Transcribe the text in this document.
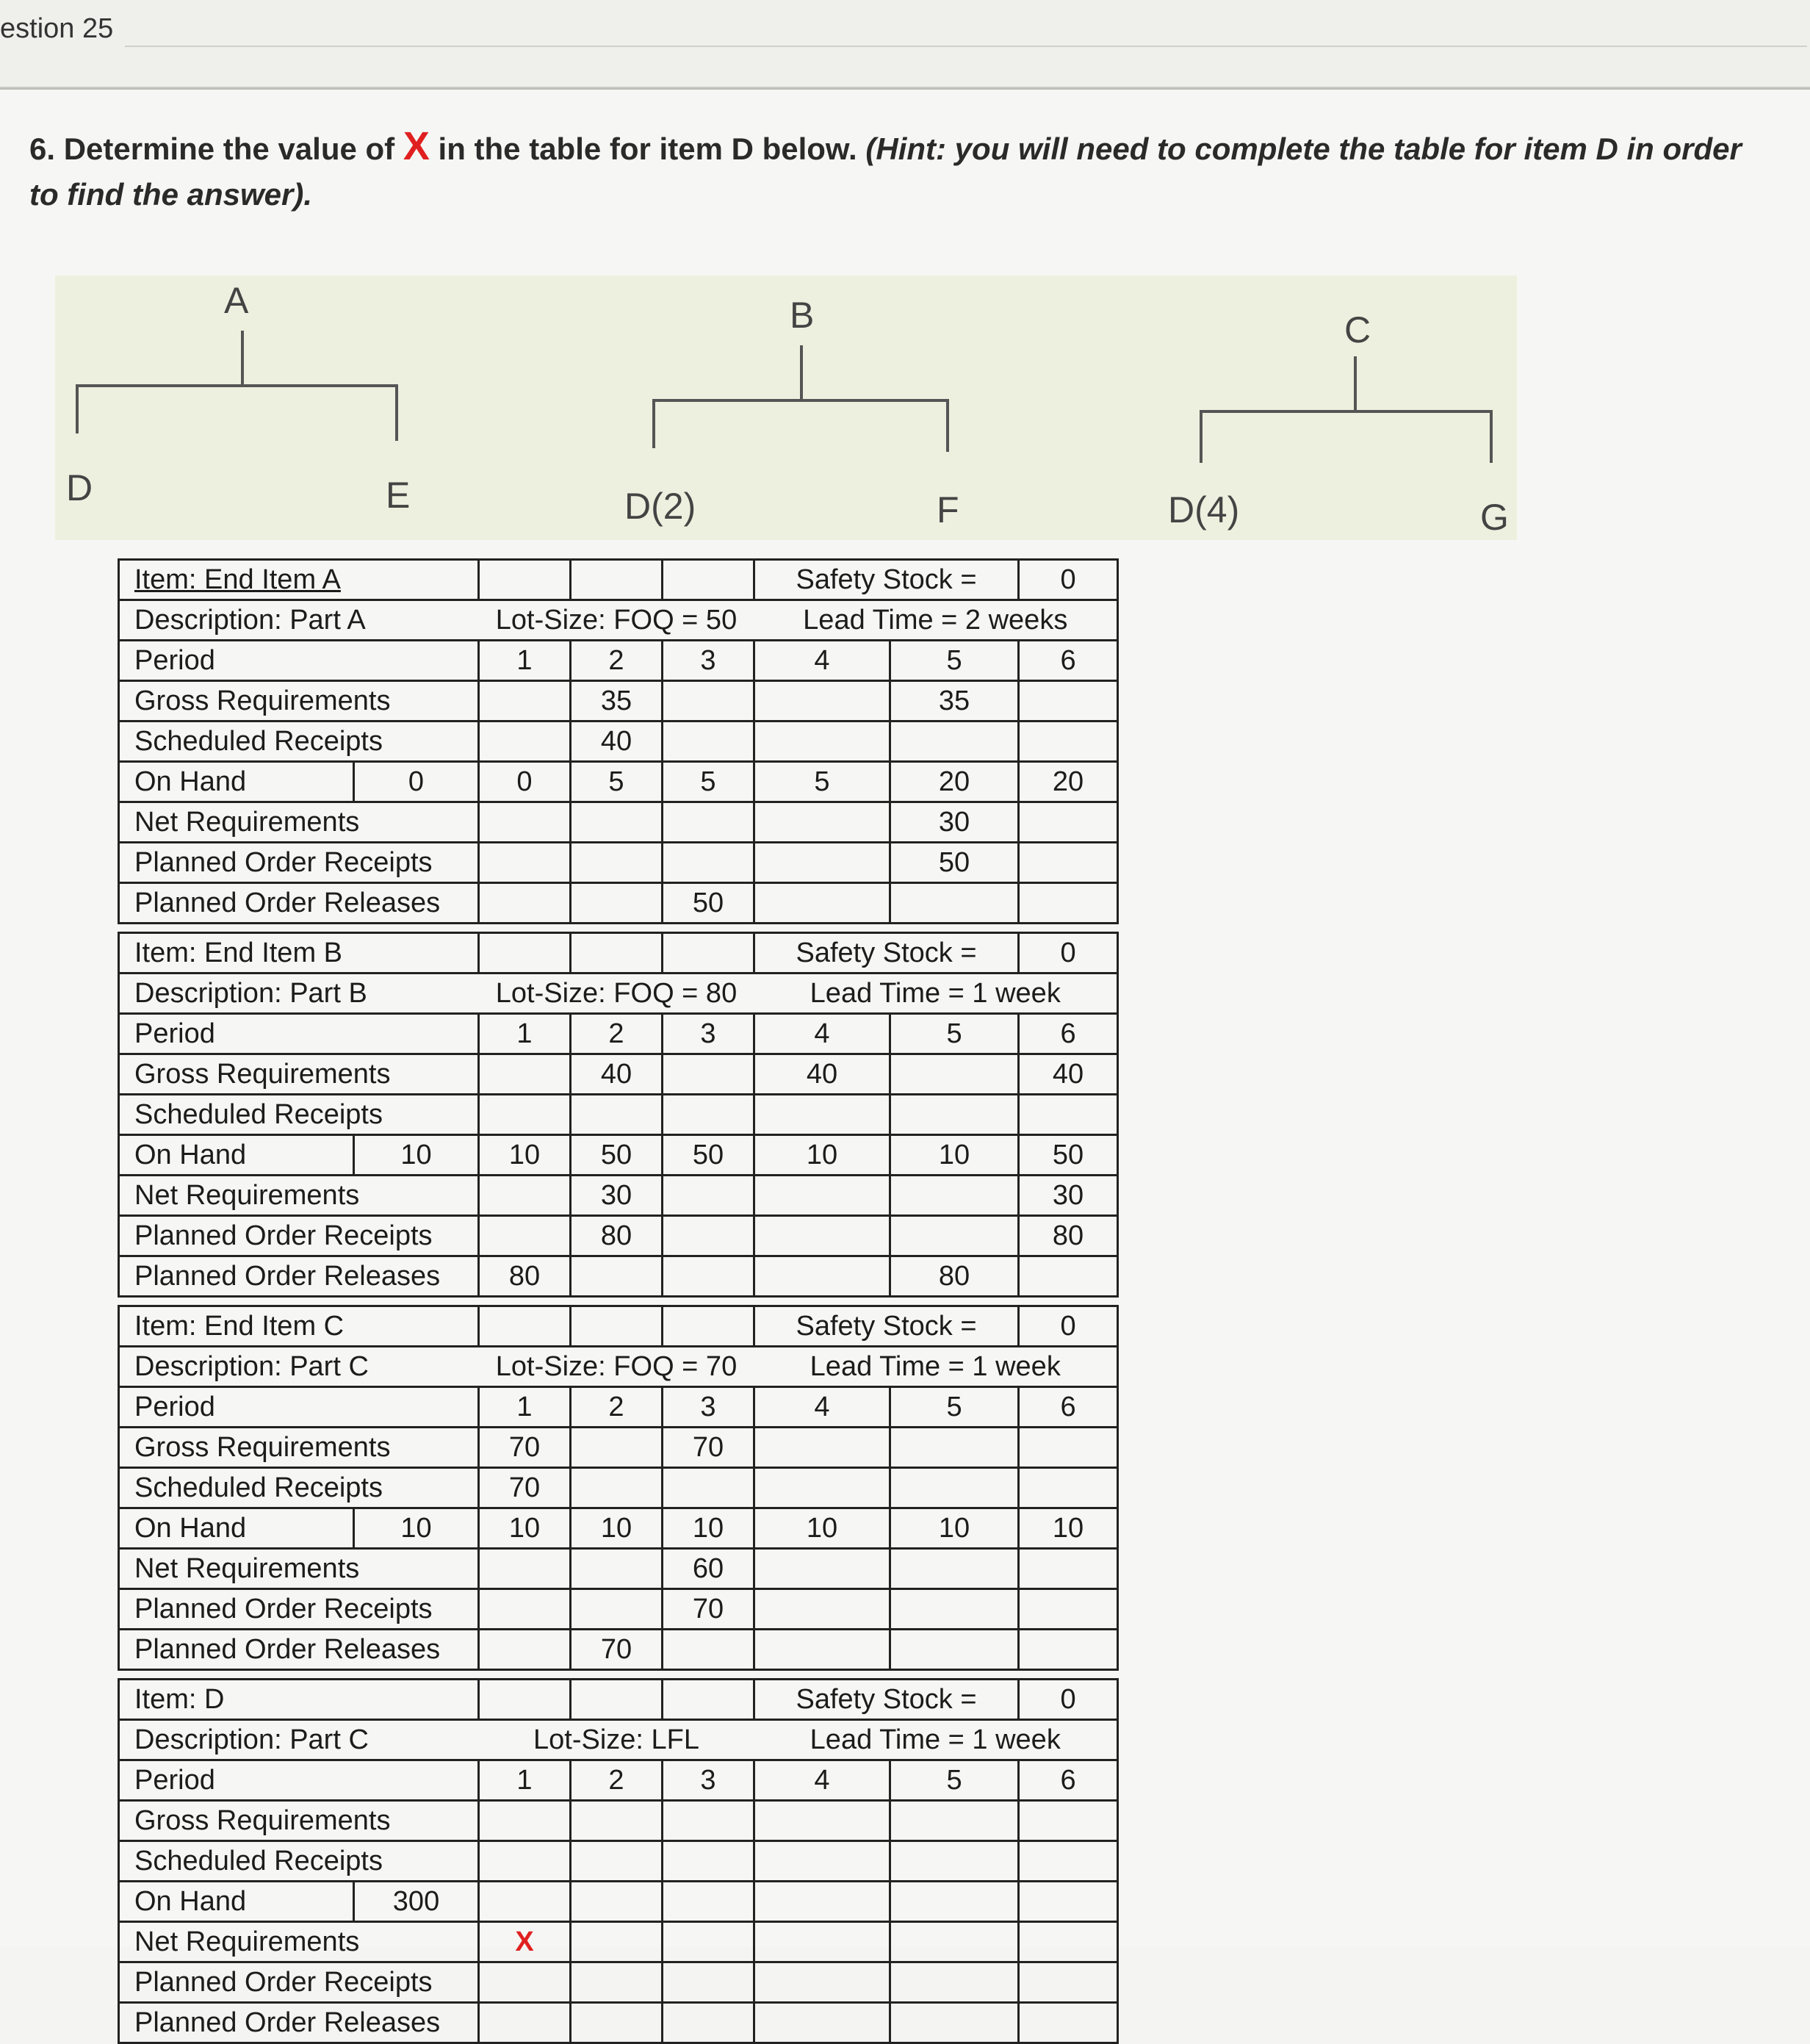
estion 25
6. Determine the value of X in the table for item D below. (Hint: you will need to complete the table for item D in order to find the answer).
A
D	E
B
D(2)	F
C
D(4)	G
Item: End Item A					Safety Stock =		0
Description: Part A		Lot-Size: FOQ = 50			Lead Time = 2 weeks		
Period		1	2	3	4	5	6
Gross Requirements			35			35	
Scheduled Receipts			40				
On Hand	0	0	5	5	5	20	20
Net Requirements						30	
Planned Order Receipts						50	
Planned Order Releases				50			

Item: End Item B					Safety Stock =		0
Description: Part B		Lot-Size: FOQ = 80			Lead Time = 1 week		
Period		1	2	3	4	5	6
Gross Requirements			40		40		40
Scheduled Receipts							
On Hand	10	10	50	50	10	10	50
Net Requirements			30				30
Planned Order Receipts			80				80
Planned Order Releases		80				80	

Item: End Item C					Safety Stock =		0
Description: Part C		Lot-Size: FOQ = 70			Lead Time = 1 week		
Period		1	2	3	4	5	6
Gross Requirements		70		70			
Scheduled Receipts		70					
On Hand	10	10	10	10	10	10	10
Net Requirements				60			
Planned Order Receipts				70			
Planned Order Releases			70				

Item: D					Safety Stock =		0
Description: Part C		Lot-Size: LFL			Lead Time = 1 week		
Period		1	2	3	4	5	6
Gross Requirements							
Scheduled Receipts							
On Hand	300						
Net Requirements		X					
Planned Order Receipts							
Planned Order Releases							
